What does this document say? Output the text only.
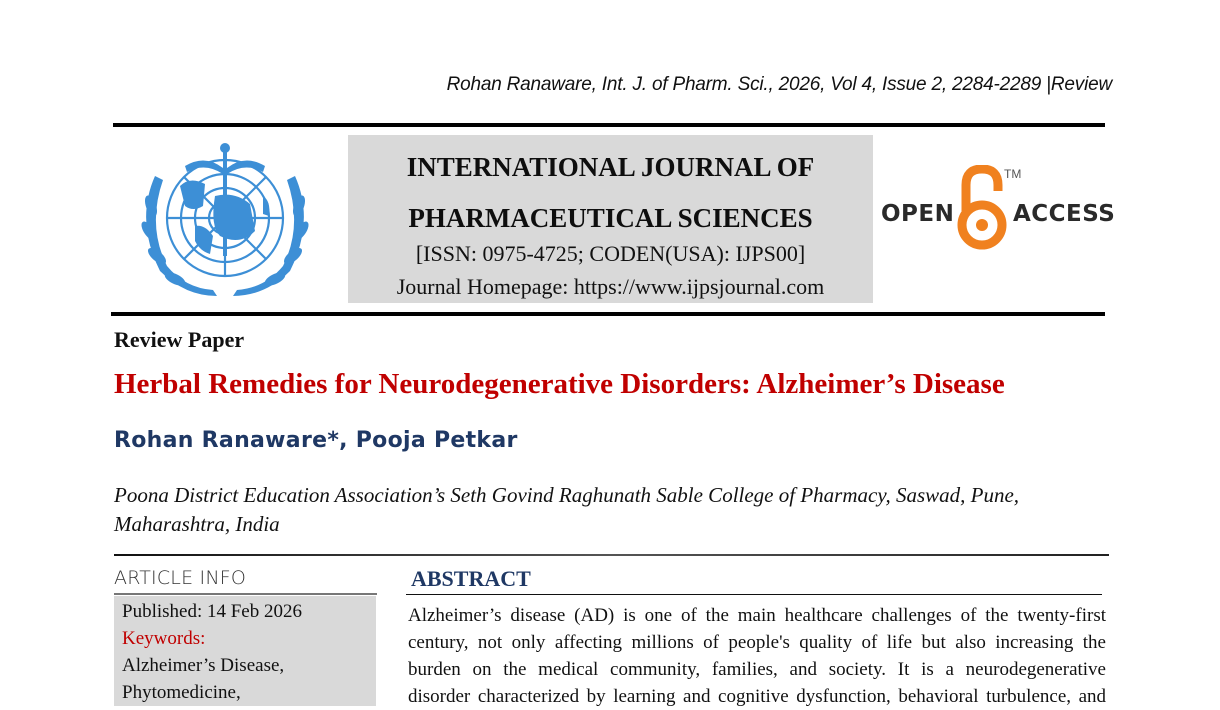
Rohan Ranaware, Int. J. of Pharm. Sci., 2026, Vol 4, Issue 2, 2284-2289 |Review
INTERNATIONAL JOURNAL OF
PHARMACEUTICAL SCIENCES
[ISSN: 0975-4725; CODEN(USA): IJPS00]
Journal Homepage: https://www.ijpsjournal.com
OPEN
TM
ACCESS
Review Paper
Herbal Remedies for Neurodegenerative Disorders: Alzheimer’s Disease
Rohan Ranaware*, Pooja Petkar
Poona District Education Association’s Seth Govind Raghunath Sable College of Pharmacy, Saswad, Pune,
Maharashtra, India
ARTICLE INFO
Published: 14 Feb 2026
Keywords:
Alzheimer’s Disease,
Phytomedicine,
ABSTRACT

Alzheimer’s disease (AD) is one of the main healthcare challenges of the twenty-first

century, not only affecting millions of people's quality of life but also increasing the

burden on the medical community, families, and society. It is a neurodegenerative

disorder characterized by learning and cognitive dysfunction, behavioral turbulence, and
